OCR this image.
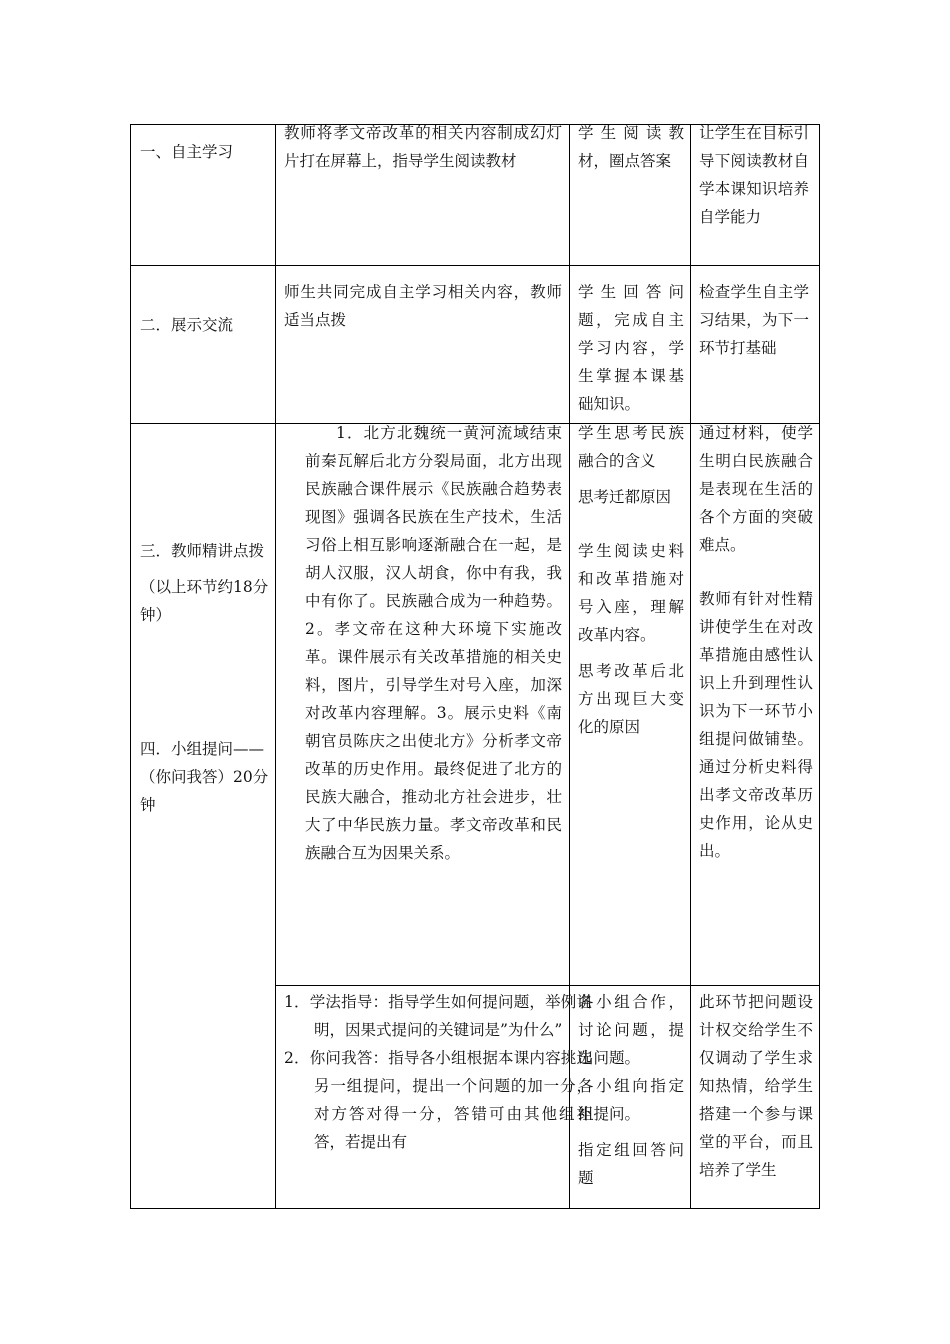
一、自主学习

教师将孝文帝改革的相关内容制成幻灯片打在屏幕上，指导学生阅读教材

学生阅读教材，圈点答案

让学生在目标引导下阅读教材自学本课知识培养自学能力

二．展示交流

师生共同完成自主学习相关内容，教师适当点拨

学生回答问题，完成自主学习内容，学生掌握本课基础知识。

检查学生自主学习结果，为下一环节打基础

三．教师精讲点拨

（以上环节约18分钟）

四．小组提问——（你问我答）20分钟

1．北方北魏统一黄河流域结束前秦瓦解后北方分裂局面，北方出现民族融合课件展示《民族融合趋势表现图》强调各民族在生产技术，生活习俗上相互影响逐渐融合在一起，是胡人汉服，汉人胡食，你中有我，我中有你了。民族融合成为一种趋势。2。孝文帝在这种大环境下实施改革。课件展示有关改革措施的相关史料，图片，引导学生对号入座，加深对改革内容理解。3。展示史料《南朝官员陈庆之出使北方》分析孝文帝改革的历史作用。最终促进了北方的民族大融合，推动北方社会进步，壮大了中华民族力量。孝文帝改革和民族融合互为因果关系。

学生思考民族融合的含义

思考迁都原因

学生阅读史料和改革措施对号入座，理解改革内容。

思考改革后北方出现巨大变化的原因

通过材料，使学生明白民族融合是表现在生活的各个方面的突破难点。

教师有针对性精讲使学生在对改革措施由感性认识上升到理性认识为下一环节小组提问做铺垫。通过分析史料得出孝文帝改革历史作用，论从史出。

1．学法指导：指导学生如何提问题，举例说明，因果式提问的关键词是”为什么”

2．你问我答：指导各小组根据本课内容挑选另一组提问，提出一个问题的加一分，对方答对得一分，答错可由其他组补答，若提出有

各小组合作，讨论问题，提出问题。

各小组向指定组提问。

指定组回答问题

此环节把问题设计权交给学生不仅调动了学生求知热情，给学生搭建一个参与课堂的平台，而且培养了学生
